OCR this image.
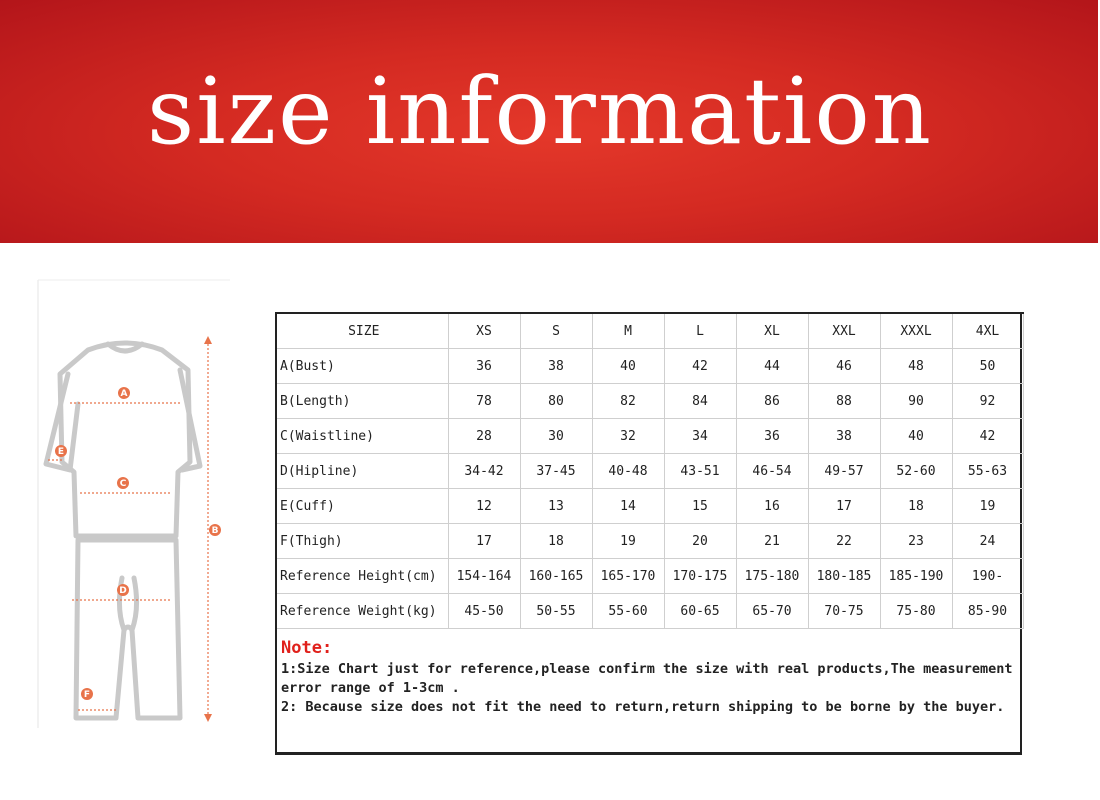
size information
A
B
C
D
E
F
SIZE	XS	S	M	L	XL	XXL	XXXL	4XL
A(Bust)	36	38	40	42	44	46	48	50
B(Length)	78	80	82	84	86	88	90	92
C(Waistline)	28	30	32	34	36	38	40	42
D(Hipline)	34-42	37-45	40-48	43-51	46-54	49-57	52-60	55-63
E(Cuff)	12	13	14	15	16	17	18	19
F(Thigh)	17	18	19	20	21	22	23	24
Reference Height(cm)	154-164	160-165	165-170	170-175	175-180	180-185	185-190	190-
Reference Weight(kg)	45-50	50-55	55-60	60-65	65-70	70-75	75-80	85-90
Note:
1:Size Chart just for reference,please confirm the size with real products,The measurement error range of 1-3cm .
2: Because size does not fit the need to return,return shipping to be borne by the buyer.
